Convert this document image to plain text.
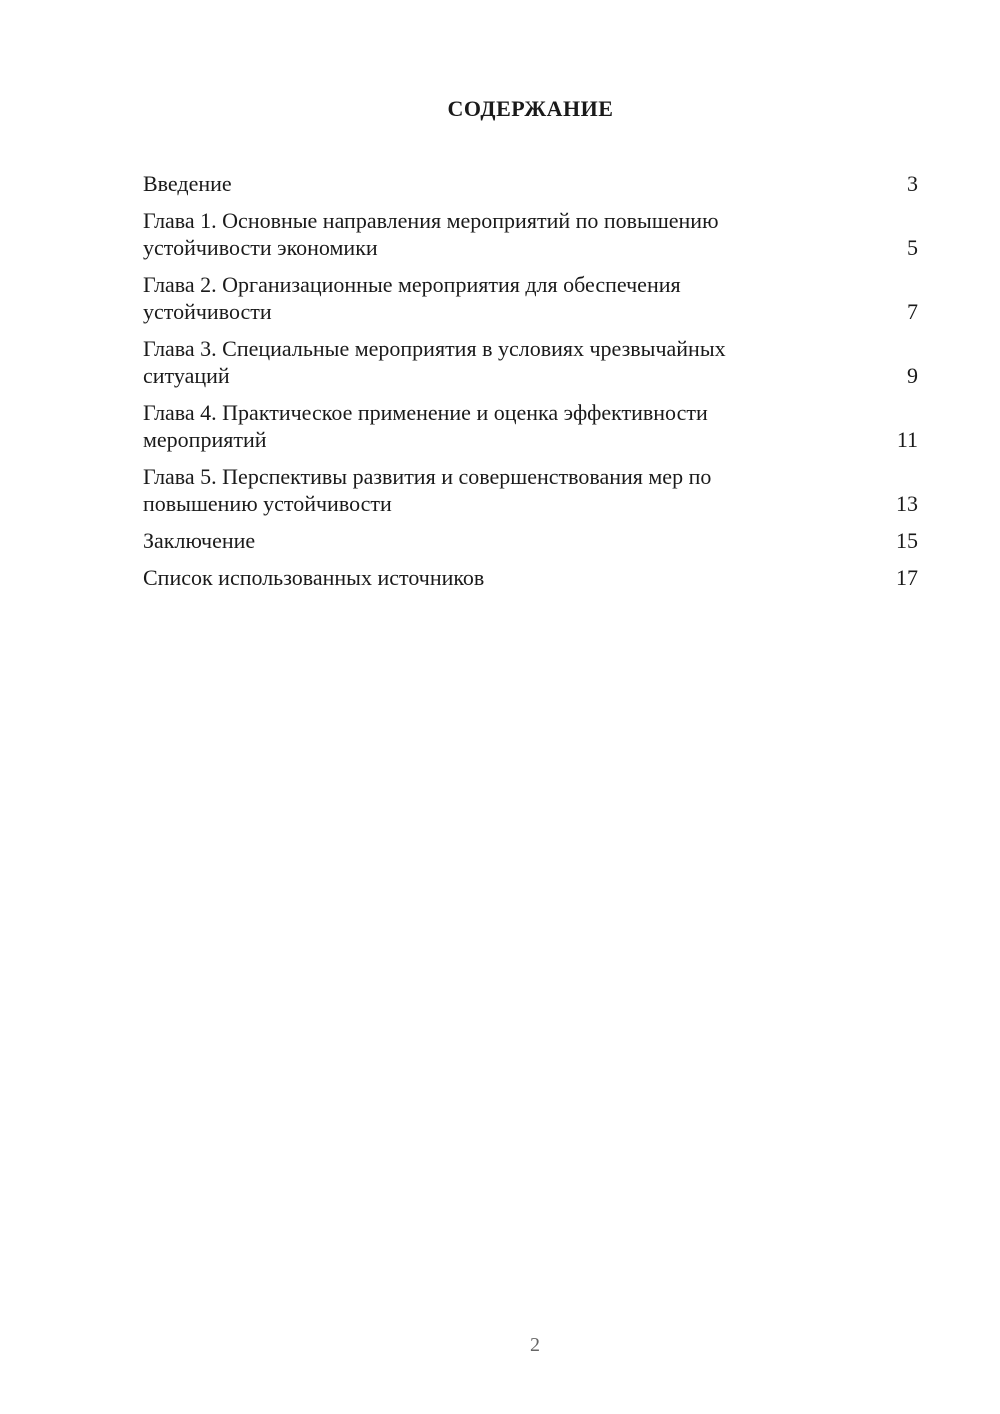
СОДЕРЖАНИЕ
Введение	3
Глава 1. Основные направления мероприятий по повышению устойчивости экономики	5
Глава 2. Организационные мероприятия для обеспечения устойчивости	7
Глава 3. Специальные мероприятия в условиях чрезвычайных ситуаций	9
Глава 4. Практическое применение и оценка эффективности мероприятий	11
Глава 5. Перспективы развития и совершенствования мер по повышению устойчивости	13
Заключение	15
Список использованных источников	17
2
